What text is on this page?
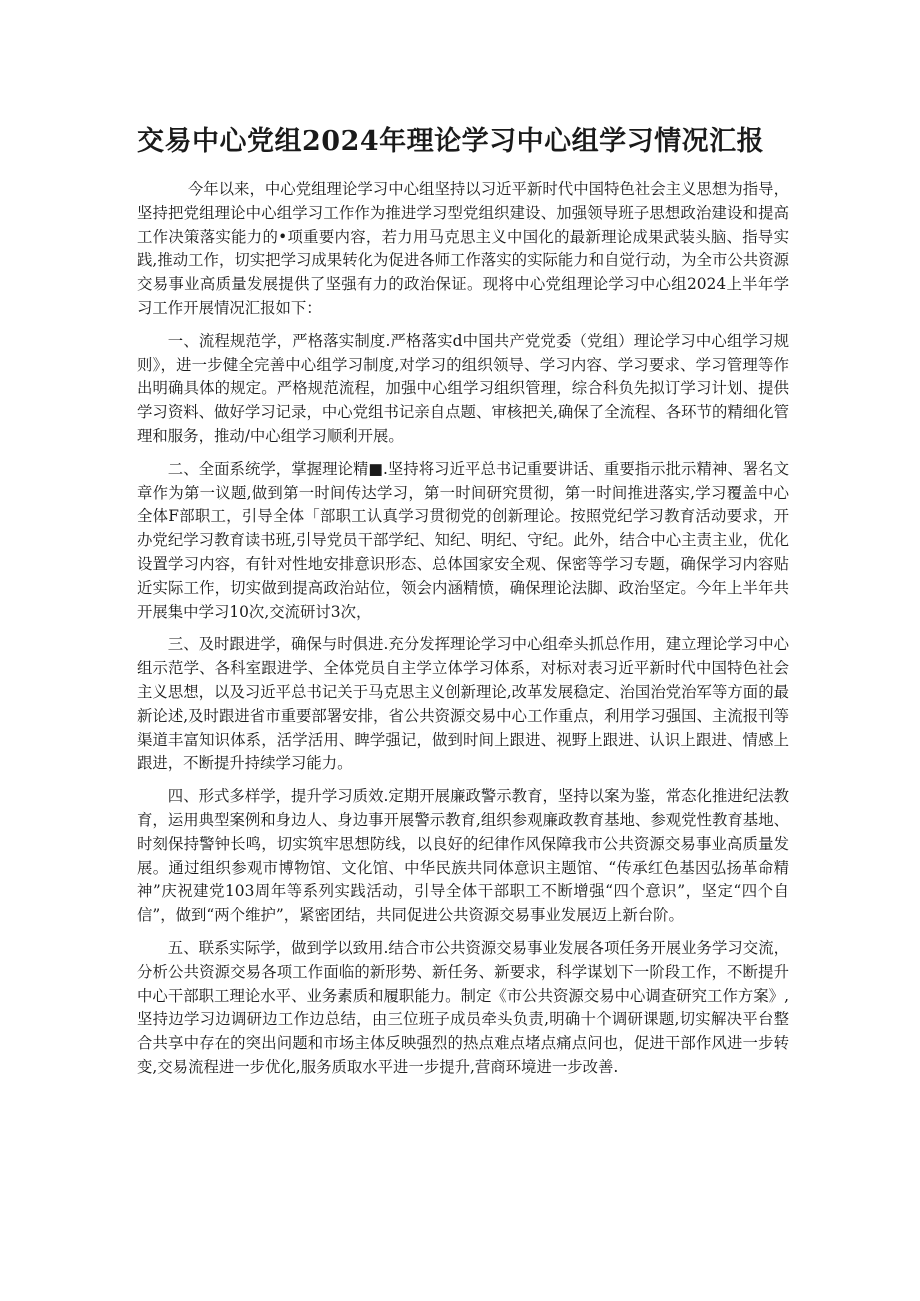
交易中心党组2024年理论学习中心组学习情况汇报

今年以来，中心党组理论学习中心组坚持以习近平新时代中国特色社会主义思想为指导，坚持把党组理论中心组学习工作作为推进学习型党组织建设、加强领导班子思想政治建设和提高工作决策落实能力的•项重要内容，若力用马克思主义中国化的最新理论成果武装头脑、指导实践,推动工作，切实把学习成果转化为促进各师工作落实的实际能力和自觉行动，为全市公共资源交易事业高质量发展提供了坚强有力的政治保证。现将中心党组理论学习中心组2024上半年学习工作开展情况汇报如下：

一、流程规范学，严格落实制度.严格落实d中国共产党党委（党组）理论学习中心组学习规则》，进一步健全完善中心组学习制度,对学习的组织领导、学习内容、学习要求、学习管理等作出明确具体的规定。严格规范流程，加强中心组学习组织管理，综合科负先拟订学习计划、提供学习资料、做好学习记录，中心党组书记亲自点题、审核把关,确保了全流程、各环节的精细化管理和服务，推动/中心组学习顺利开展。

二、全面系统学，掌握理论精■.坚持将习近平总书记重要讲话、重要指示批示精神、署名文章作为第一议题,做到第一时间传达学习，第一时间研究贯彻，第一时间推进落实,学习覆盖中心全体F部职工，引导全体「部职工认真学习贯彻党的创新理论。按照党纪学习教育活动要求，开办党纪学习教育读书班,引导党员干部学纪、知纪、明纪、守纪。此外，结合中心主责主业，优化设置学习内容，有针对性地安排意识形态、总体国家安全观、保密等学习专题，确保学习内容贴近实际工作，切实做到提高政治站位，领会内涵精愤，确保理论法脚、政治坚定。今年上半年共开展集中学习10次,交流研讨3次，

三、及时跟进学，确保与时俱进.充分发挥理论学习中心组牵头抓总作用，建立理论学习中心组示范学、各科室跟进学、全体党员自主学立体学习体系，对标对表习近平新时代中国特色社会主义思想，以及习近平总书记关于马克思主义创新理论,改革发展稳定、治国治党治军等方面的最新论述,及时跟进省市重要部署安排，省公共资源交易中心工作重点，利用学习强国、主流报刊等渠道丰富知识体系，活学活用、睥学强记，做到时间上跟进、视野上跟进、认识上跟进、情感上跟进，不断提升持续学习能力。

四、形式多样学，提升学习质效.定期开展廉政警示教育，坚持以案为鉴，常态化推进纪法教育，运用典型案例和身边人、身边事开展警示教育,组织参观廉政教育基地、参观党性教育基地、时刻保持警钟长鸣，切实筑牢思想防线，以良好的纪律作风保障我市公共资源交易事业高质量发展。通过组织参观市博物馆、文化馆、中华民族共同体意识主题馆、“传承红色基因弘扬革命精神”庆祝建党103周年等系列实践活动，引导全体干部职工不断增强“四个意识”，坚定“四个自信”，做到“两个维护”，紧密团结，共同促进公共资源交易事业发展迈上新台阶。

五、联系实际学，做到学以致用.结合市公共资源交易事业发展各项任务开展业务学习交流，分析公共资源交易各项工作面临的新形势、新任务、新要求，科学谋划下一阶段工作，不断提升中心干部职工理论水平、业务素质和履职能力。制定《市公共资源交易中心调查研究工作方案》,坚持边学习边调研边工作边总结，由三位班子成员牵头负责,明确十个调研课题,切实解决平台整合共享中存在的突出问题和市场主体反映强烈的热点难点堵点痛点问也，促进干部作风进一步转变,交易流程进一步优化,服务质取水平进一步提升,营商环境进一步改善.
